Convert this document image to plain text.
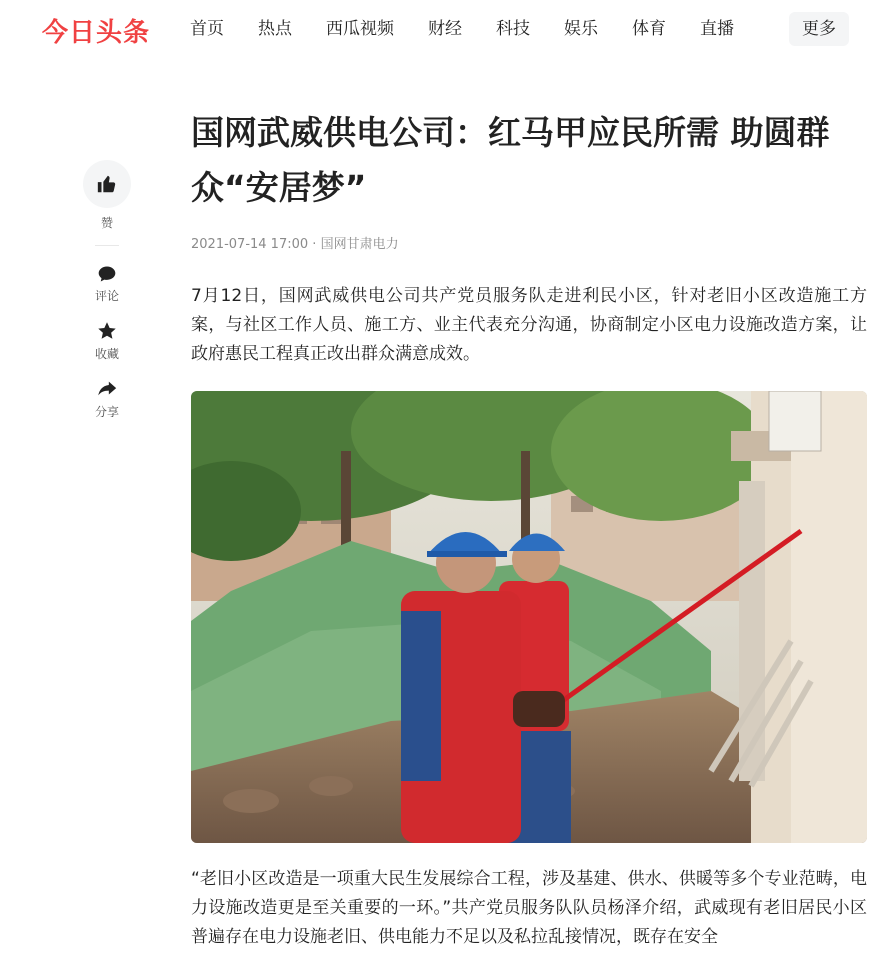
今日头条 首页 热点 西瓜视频 财经 科技 娱乐 体育 直播	更多
赞
评论
收藏
分享
国网武威供电公司：红马甲应民所需 助圆群众“安居梦”
2021-07-14 17:00 · 国网甘肃电力

7月12日，国网武威供电公司共产党员服务队走进利民小区，针对老旧小区改造施工方案，与社区工作人员、施工方、业主代表充分沟通，协商制定小区电力设施改造方案，让政府惠民工程真正改出群众满意成效。

“老旧小区改造是一项重大民生发展综合工程，涉及基建、供水、供暖等多个专业范畴，电力设施改造更是至关重要的一环。”共产党员服务队队员杨泽介绍，武威现有老旧居民小区普遍存在电力设施老旧、供电能力不足以及私拉乱接情况，既存在安全
